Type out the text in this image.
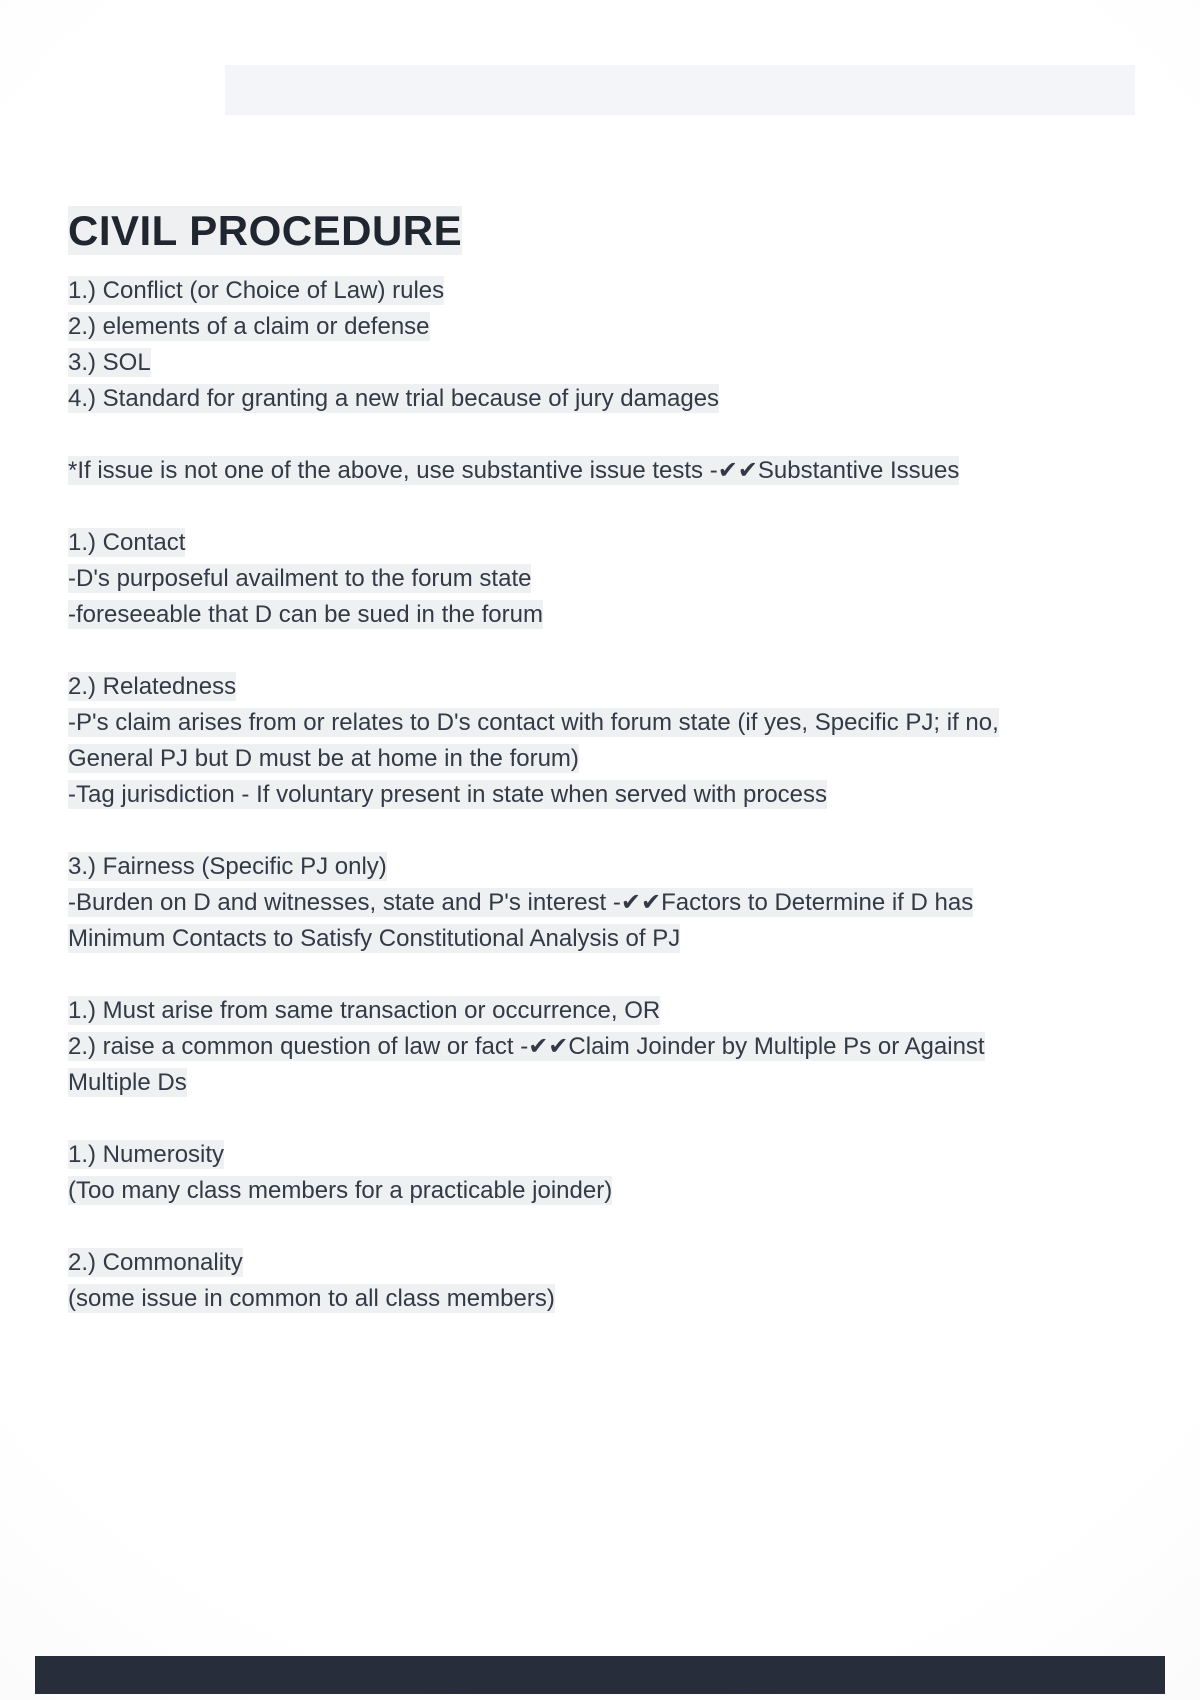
CIVIL PROCEDURE
1.) Conflict (or Choice of Law) rules
2.) elements of a claim or defense
3.) SOL
4.) Standard for granting a new trial because of jury damages
*If issue is not one of the above, use substantive issue tests -✔✔Substantive Issues
1.) Contact
-D's purposeful availment to the forum state
-foreseeable that D can be sued in the forum
2.) Relatedness
-P's claim arises from or relates to D's contact with forum state (if yes, Specific PJ; if no, General PJ but D must be at home in the forum)
-Tag jurisdiction - If voluntary present in state when served with process
3.) Fairness (Specific PJ only)
-Burden on D and witnesses, state and P's interest -✔✔Factors to Determine if D has Minimum Contacts to Satisfy Constitutional Analysis of PJ
1.) Must arise from same transaction or occurrence, OR
2.) raise a common question of law or fact -✔✔Claim Joinder by Multiple Ps or Against Multiple Ds
1.) Numerosity
(Too many class members for a practicable joinder)
2.) Commonality
(some issue in common to all class members)
